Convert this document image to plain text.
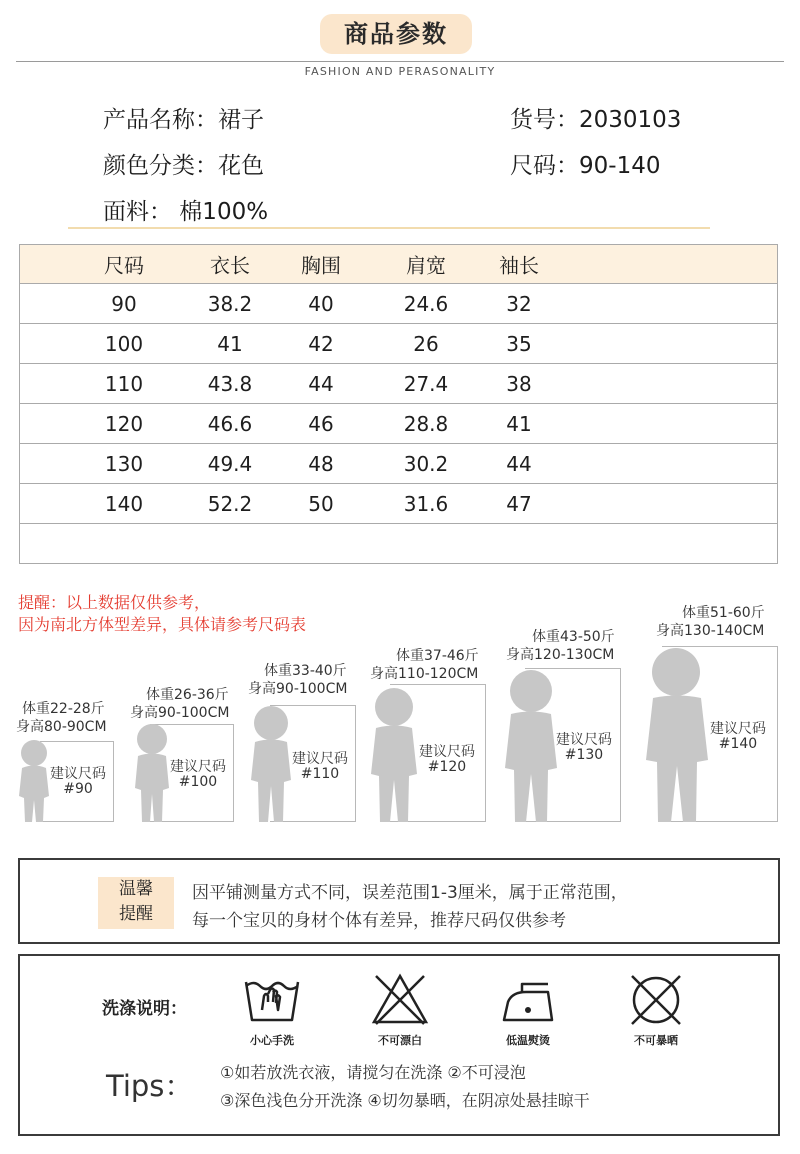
商品参数
FASHION AND PERASONALITY
产品名称：裙子	货号：2030103
颜色分类：花色	尺码：90-140
面料： 棉100%
尺码	衣长	胸围	肩宽	袖长
90	38.2	40	24.6	32
100	41	42	26	35
110	43.8	44	27.4	38
120	46.6	46	28.8	41
130	49.4	48	30.2	44
140	52.2	50	31.6	47
提醒：以上数据仅供参考，
因为南北方体型差异，具体请参考尺码表
体重22-28斤
身高80-90CM
建议尺码
#90
体重26-36斤
身高90-100CM
建议尺码
#100
体重33-40斤
身高90-100CM
建议尺码
#110
体重37-46斤
身高110-120CM
建议尺码
#120
体重43-50斤
身高120-130CM
建议尺码
#130
体重51-60斤
身高130-140CM
建议尺码
#140
温馨
提醒
因平铺测量方式不同，误差范围1-3厘米，属于正常范围，
每一个宝贝的身材个体有差异，推荐尺码仅供参考
洗涤说明：
小心手洗	不可漂白	低温熨烫	不可暴晒
Tips： ①如若放洗衣液，请搅匀在洗涤 ②不可浸泡
③深色浅色分开洗涤 ④切勿暴晒，在阴凉处悬挂晾干
